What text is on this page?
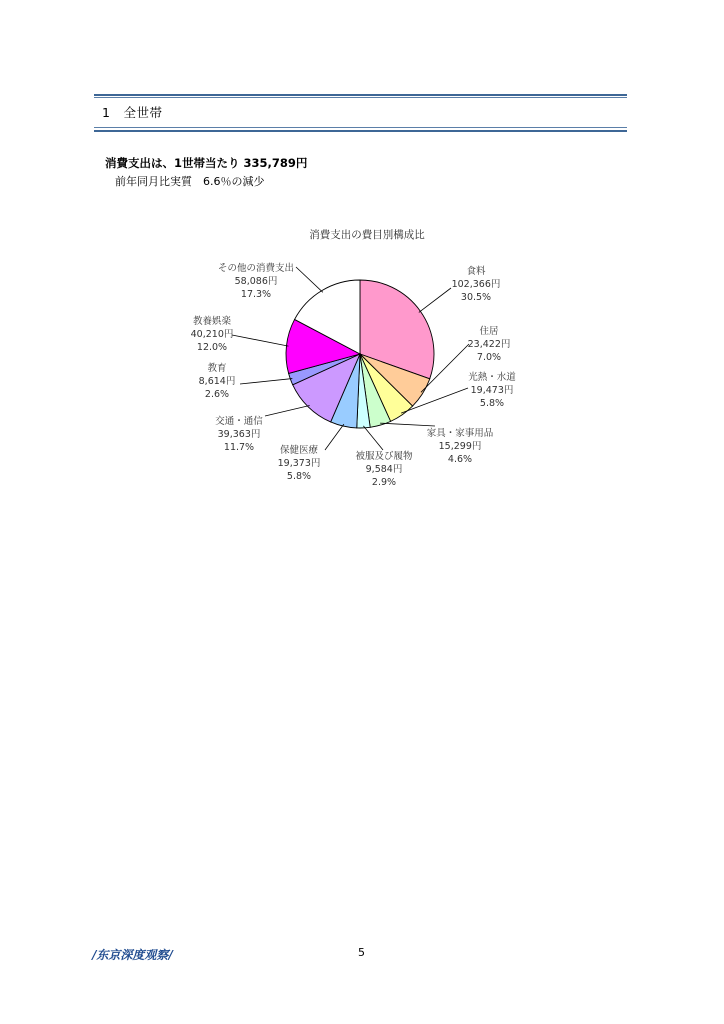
1　全世帯
消費支出は、1世帯当たり 335,789円
前年同月比実質　6.6％の減少
消費支出の費目別構成比
食料
102,366円
30.5%
住居
23,422円
7.0%
光熱・水道
19,473円
5.8%
家具・家事用品
15,299円
4.6%
被服及び履物
9,584円
2.9%
保健医療
19,373円
5.8%
交通・通信
39,363円
11.7%
教育
8,614円
2.6%
教養娯楽
40,210円
12.0%
その他の消費支出
58,086円
17.3%
/东京深度观察/	5
